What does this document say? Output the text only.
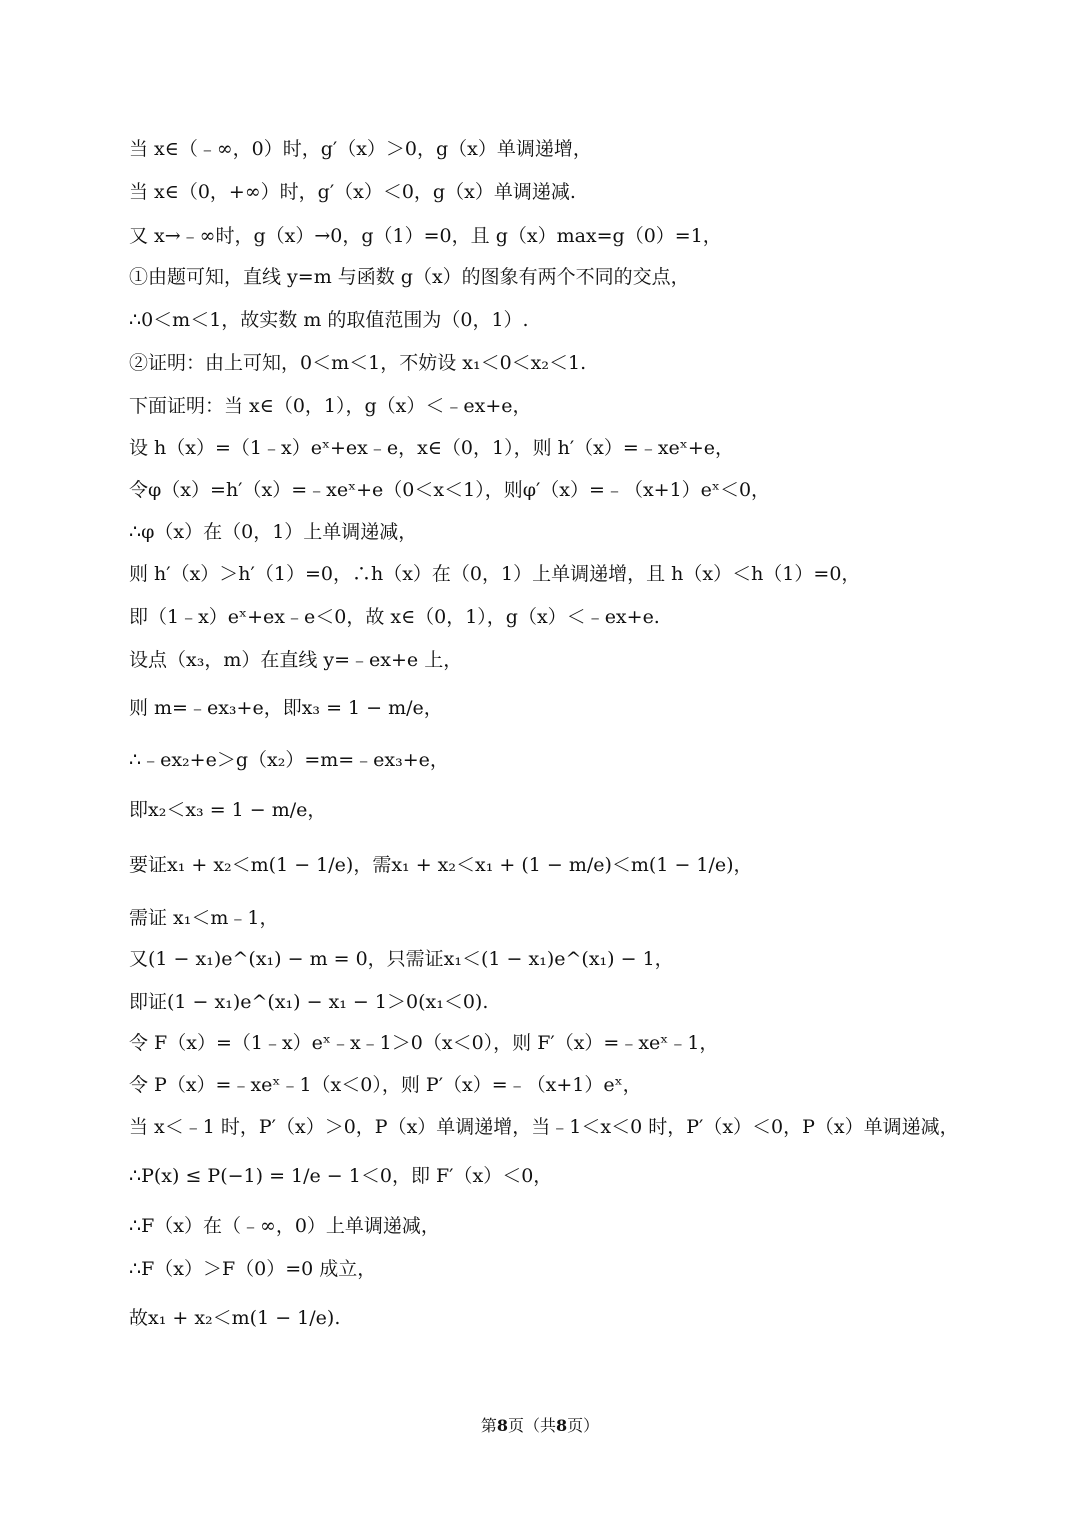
当 x∈（﹣∞，0）时，g′（x）＞0，g（x）单调递增，
当 x∈（0，+∞）时，g′（x）＜0，g（x）单调递减.
又 x→﹣∞时，g（x）→0，g（1）=0，且 g（x）max=g（0）=1，
①由题可知，直线 y=m 与函数 g（x）的图象有两个不同的交点，
∴0＜m＜1，故实数 m 的取值范围为（0，1）.
②证明：由上可知，0＜m＜1，不妨设 x₁＜0＜x₂＜1.
下面证明：当 x∈（0，1），g（x）＜﹣ex+e，
设 h（x）=（1﹣x）eˣ+ex﹣e，x∈（0，1），则 h′（x）=﹣xeˣ+e，
令φ（x）=h′（x）=﹣xeˣ+e（0＜x＜1），则φ′（x）=﹣（x+1）eˣ＜0，
∴φ（x）在（0，1）上单调递减，
则 h′（x）＞h′（1）=0，∴h（x）在（0，1）上单调递增，且 h（x）＜h（1）=0，
即（1﹣x）eˣ+ex﹣e＜0，故 x∈（0，1），g（x）＜﹣ex+e.
设点（x₃，m）在直线 y=﹣ex+e 上，
则 m=﹣ex₃+e，即x₃ = 1 − m/e，
∴﹣ex₂+e＞g（x₂）=m=﹣ex₃+e，
即x₂＜x₃ = 1 − m/e，
要证x₁ + x₂＜m(1 − 1/e)，需x₁ + x₂＜x₁ + (1 − m/e)＜m(1 − 1/e)，
需证 x₁＜m﹣1，
又(1 − x₁)e^(x₁) − m = 0，只需证x₁＜(1 − x₁)e^(x₁) − 1，
即证(1 − x₁)e^(x₁) − x₁ − 1＞0(x₁＜0).
令 F（x）=（1﹣x）eˣ﹣x﹣1＞0（x＜0），则 F′（x）=﹣xeˣ﹣1，
令 P（x）=﹣xeˣ﹣1（x＜0），则 P′（x）=﹣（x+1）eˣ，
当 x＜﹣1 时，P′（x）＞0，P（x）单调递增，当﹣1＜x＜0 时，P′（x）＜0，P（x）单调递减，
∴P(x) ≤ P(−1) = 1/e − 1＜0，即 F′（x）＜0，
∴F（x）在（﹣∞，0）上单调递减，
∴F（x）＞F（0）=0 成立，
故x₁ + x₂＜m(1 − 1/e).
第8页（共8页）
